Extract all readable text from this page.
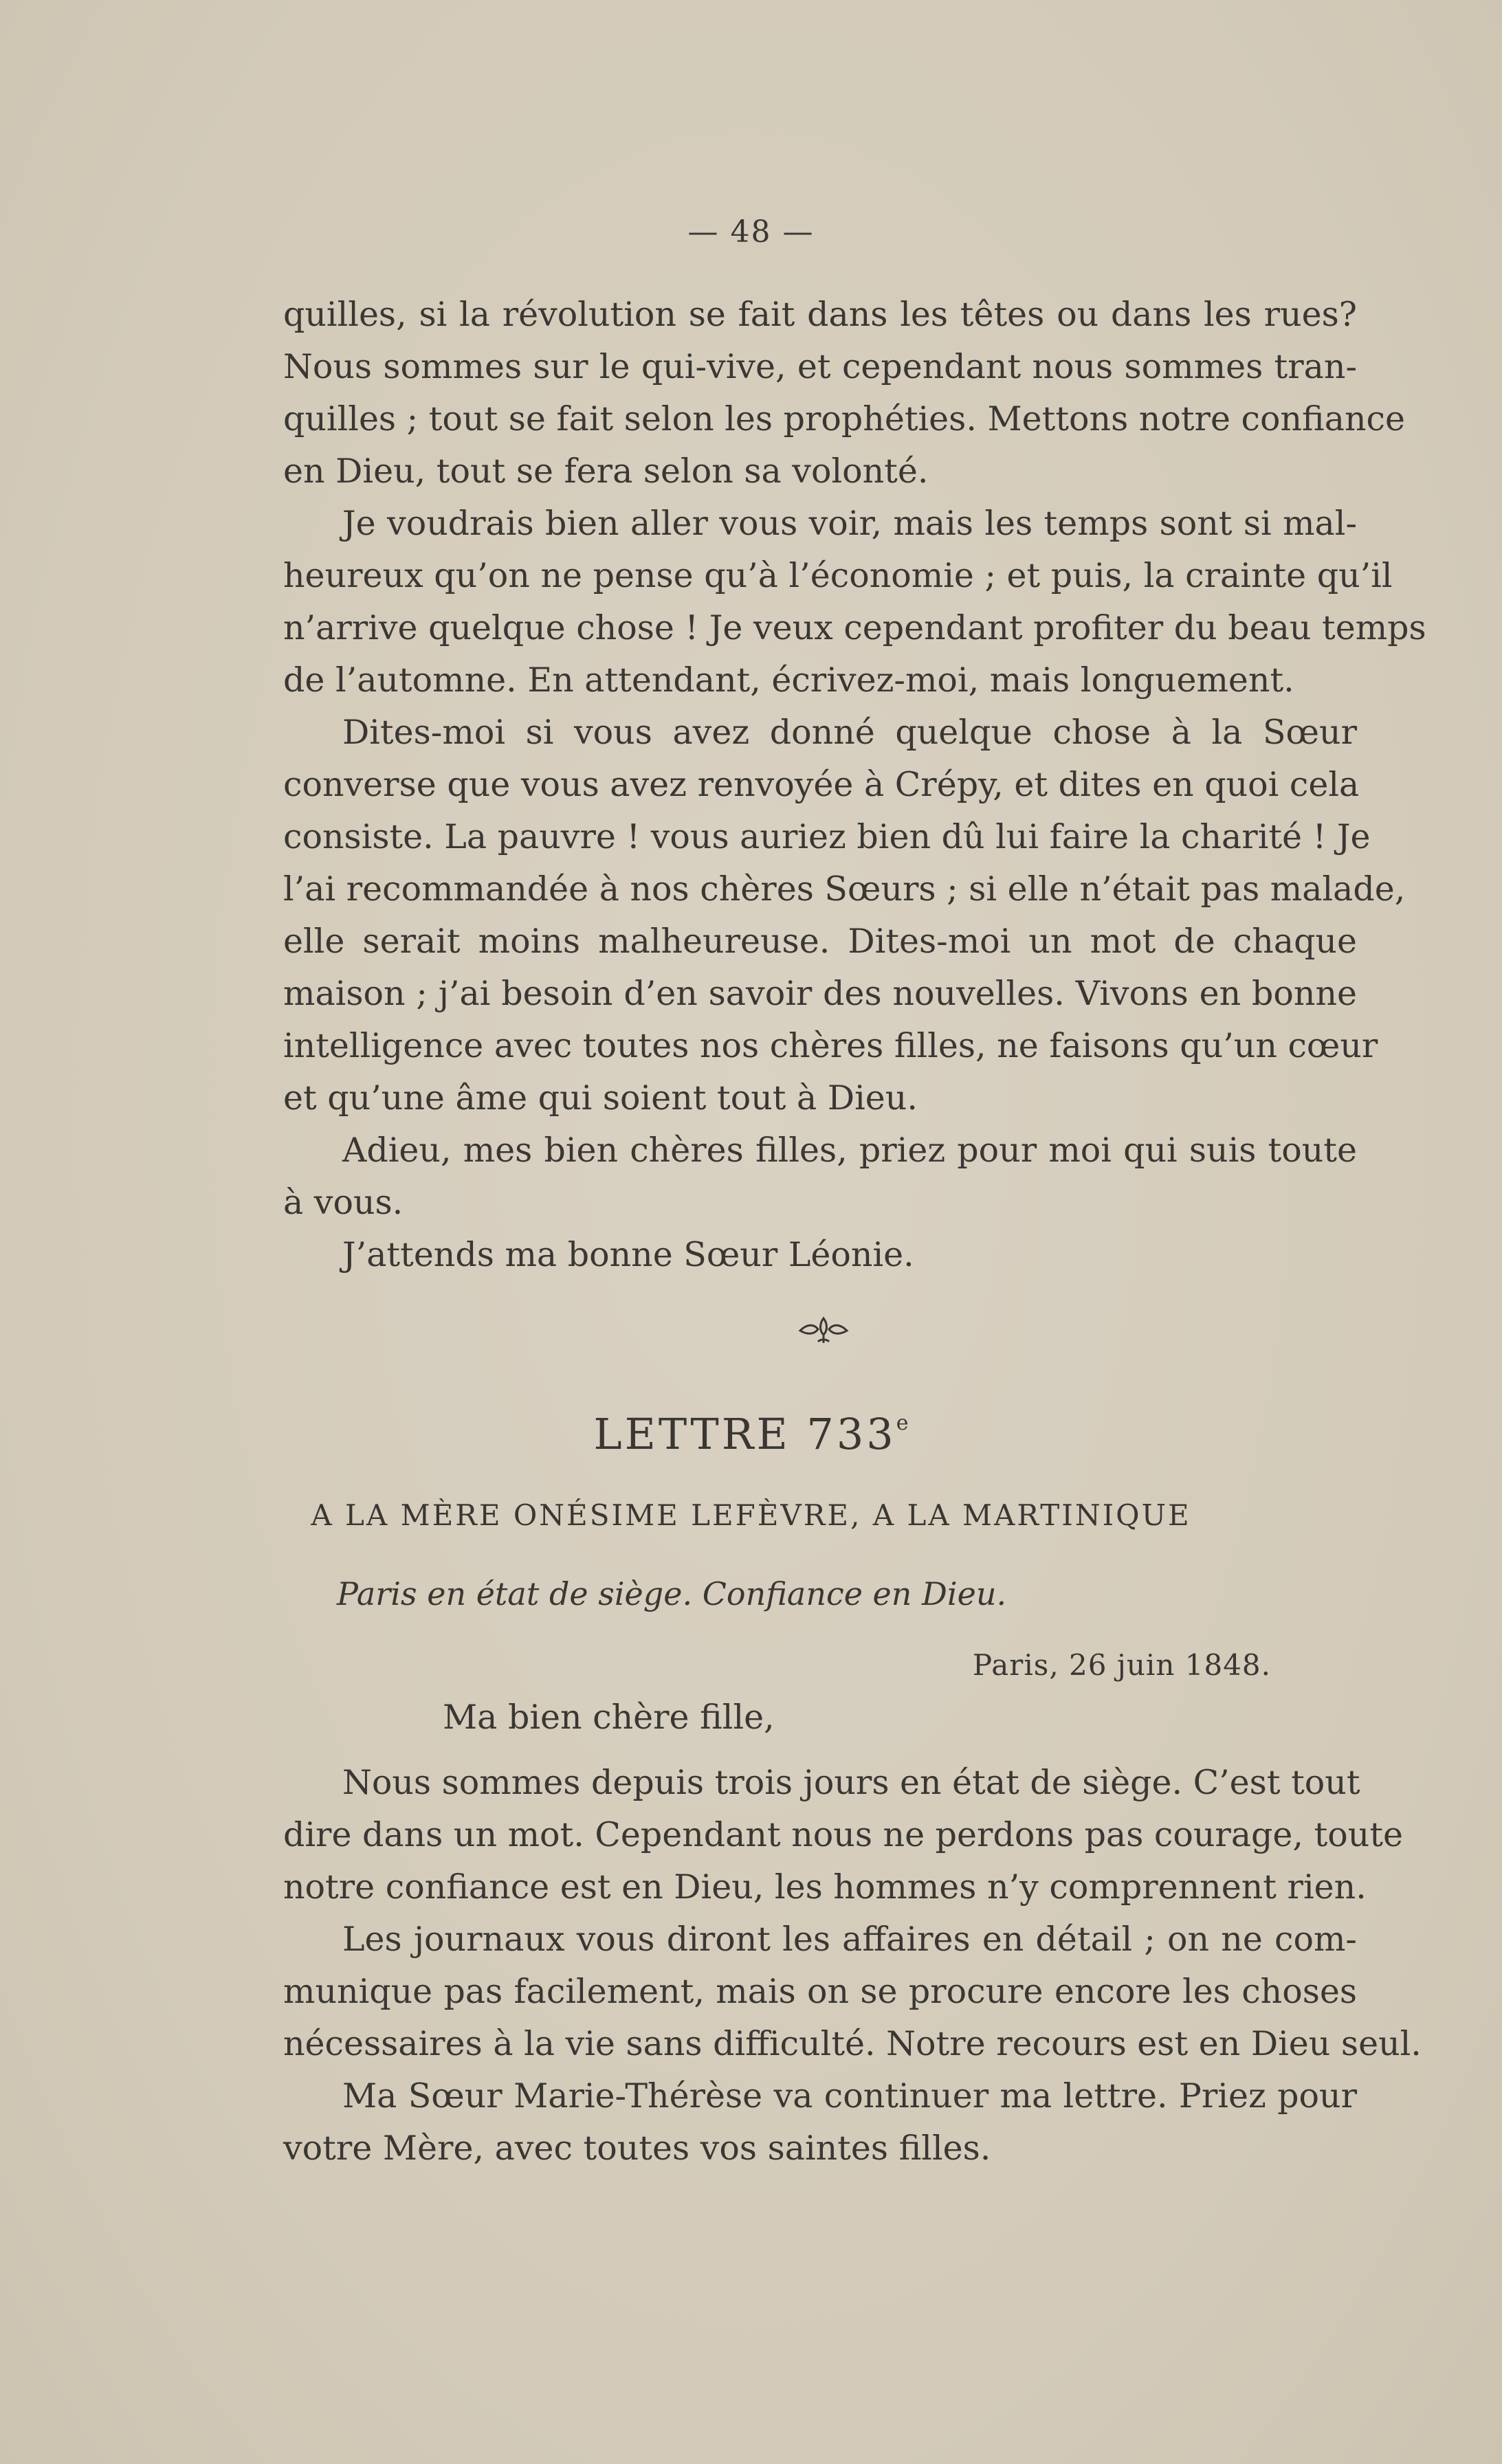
— 48 —
quilles, si la révolution se fait dans les têtes ou dans les rues?
Nous sommes sur le qui-vive, et cependant nous sommes tran-
quilles ; tout se fait selon les prophéties. Mettons notre confiance
en Dieu, tout se fera selon sa volonté.
Je voudrais bien aller vous voir, mais les temps sont si mal-
heureux qu’on ne pense qu’à l’économie ; et puis, la crainte qu’il
n’arrive quelque chose ! Je veux cependant profiter du beau temps
de l’automne. En attendant, écrivez-moi, mais longuement.
Dites-moi si vous avez donné quelque chose à la Sœur
converse que vous avez renvoyée à Crépy, et dites en quoi cela
consiste. La pauvre ! vous auriez bien dû lui faire la charité ! Je
l’ai recommandée à nos chères Sœurs ; si elle n’était pas malade,
elle serait moins malheureuse. Dites-moi un mot de chaque
maison ; j’ai besoin d’en savoir des nouvelles. Vivons en bonne
intelligence avec toutes nos chères filles, ne faisons qu’un cœur
et qu’une âme qui soient tout à Dieu.
Adieu, mes bien chères filles, priez pour moi qui suis toute
à vous.
J’attends ma bonne Sœur Léonie.
LETTRE 733e
A LA MÈRE ONÉSIME LEFÈVRE, A LA MARTINIQUE
Paris en état de siège. Confiance en Dieu.
Paris, 26 juin 1848.
Ma bien chère fille,
Nous sommes depuis trois jours en état de siège. C’est tout
dire dans un mot. Cependant nous ne perdons pas courage, toute
notre confiance est en Dieu, les hommes n’y comprennent rien.
Les journaux vous diront les affaires en détail ; on ne com-
munique pas facilement, mais on se procure encore les choses
nécessaires à la vie sans difficulté. Notre recours est en Dieu seul.
Ma Sœur Marie-Thérèse va continuer ma lettre. Priez pour
votre Mère, avec toutes vos saintes filles.
